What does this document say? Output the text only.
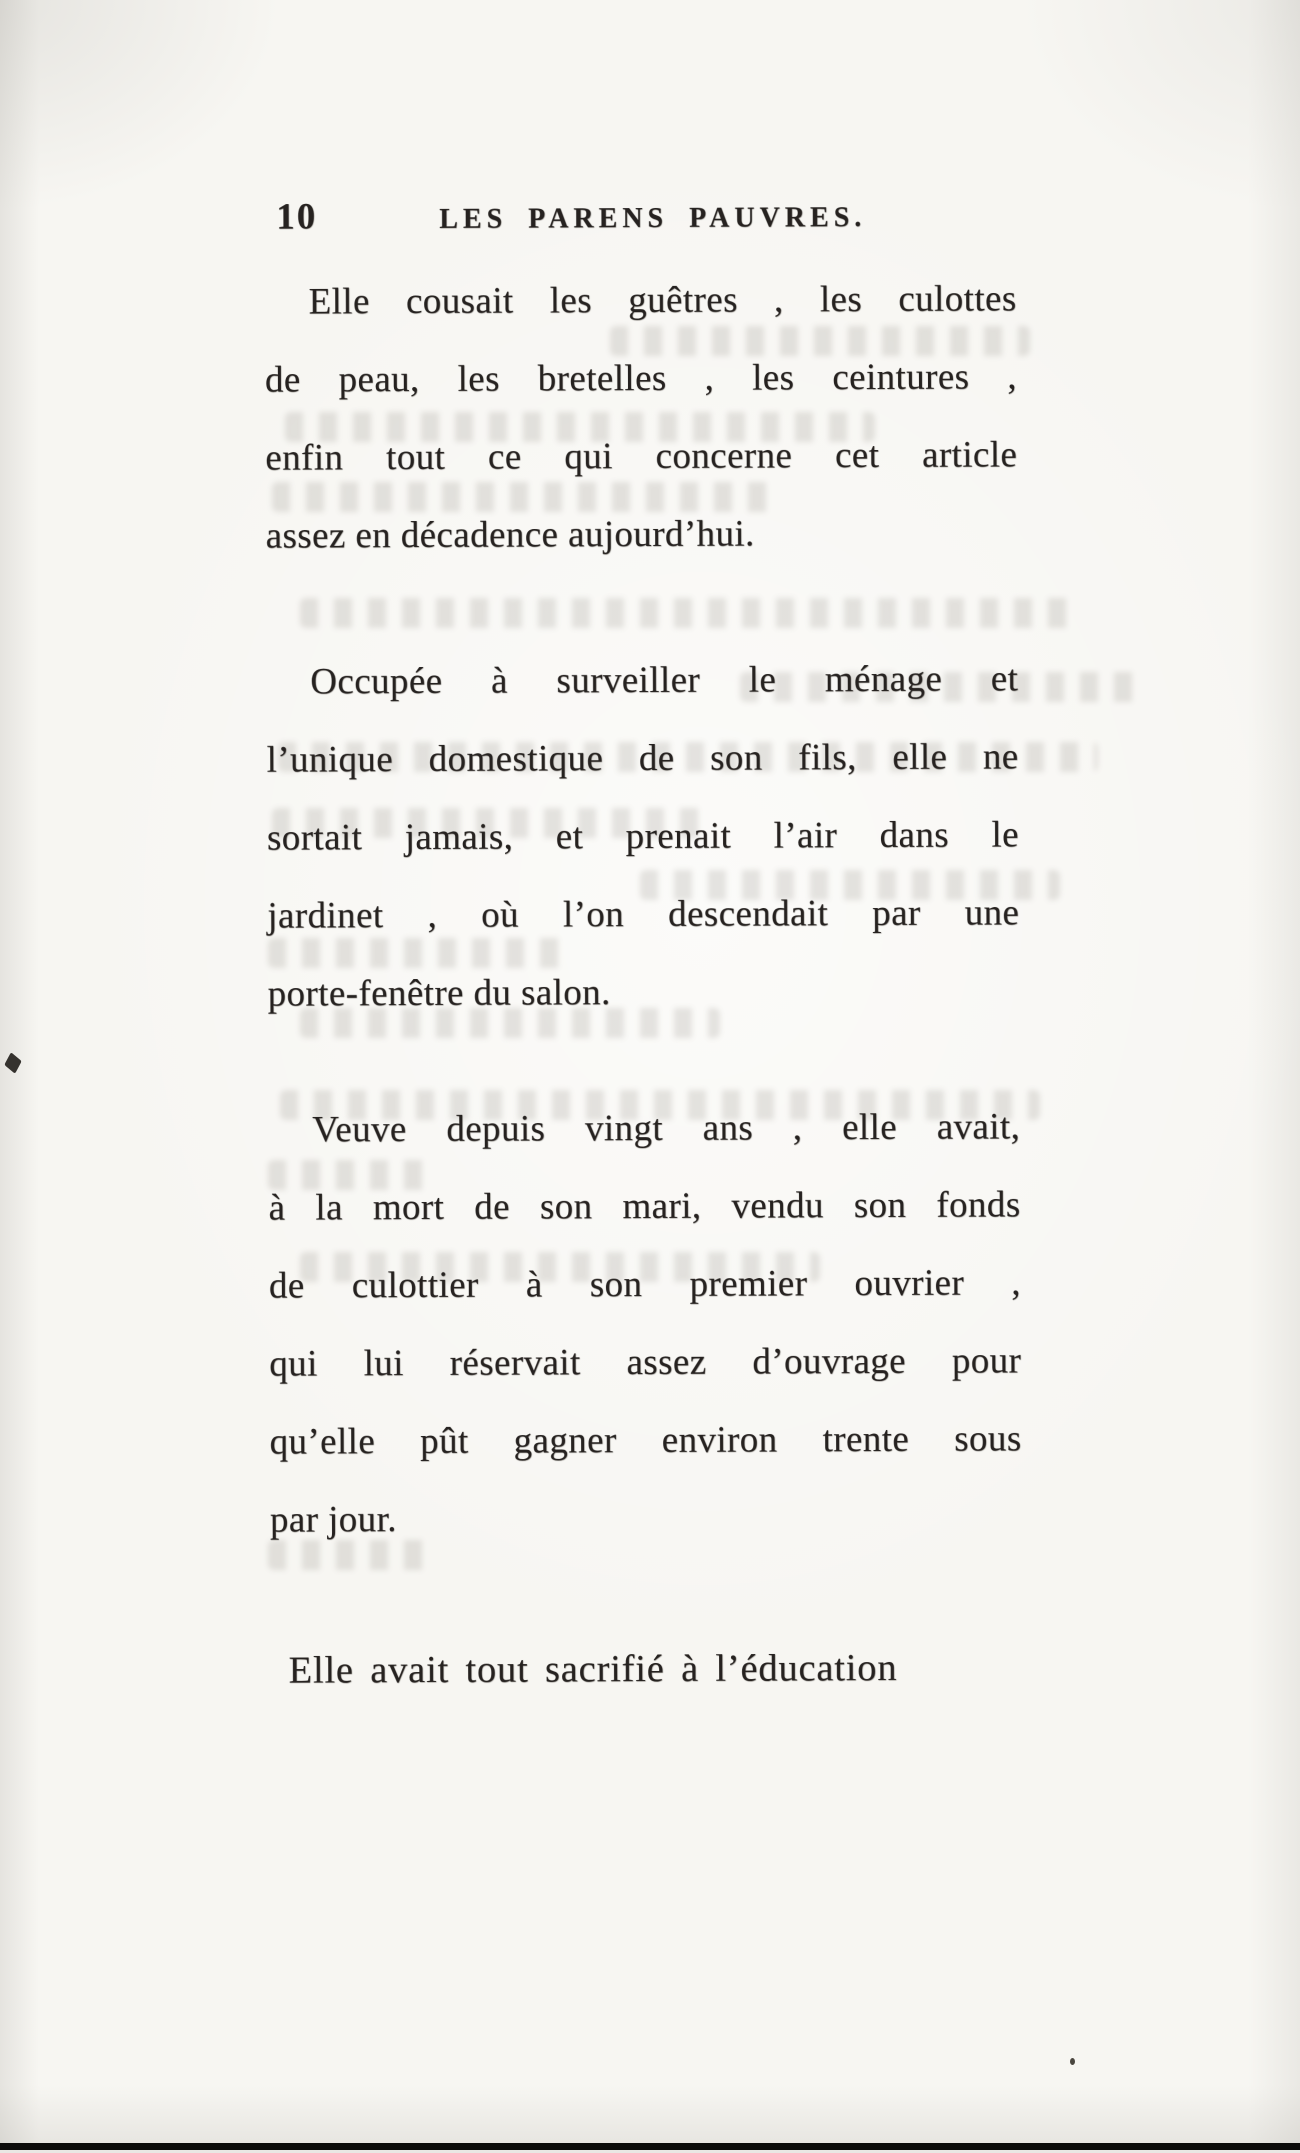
10	LES PARENS PAUVRES.
Elle cousait les guêtres , les culottes
de peau, les bretelles , les ceintures ,
enfin tout ce qui concerne cet article
assez en décadence aujourd’hui.
Occupée à surveiller le ménage et
l’unique domestique de son fils, elle ne
sortait jamais, et prenait l’air dans le
jardinet , où l’on descendait par une
porte-fenêtre du salon.
Veuve depuis vingt ans , elle avait,
à la mort de son mari, vendu son fonds
de culottier à son premier ouvrier ,
qui lui réservait assez d’ouvrage pour
qu’elle pût gagner environ trente sous
par jour.
Elle avait tout sacrifié à l’éducation
